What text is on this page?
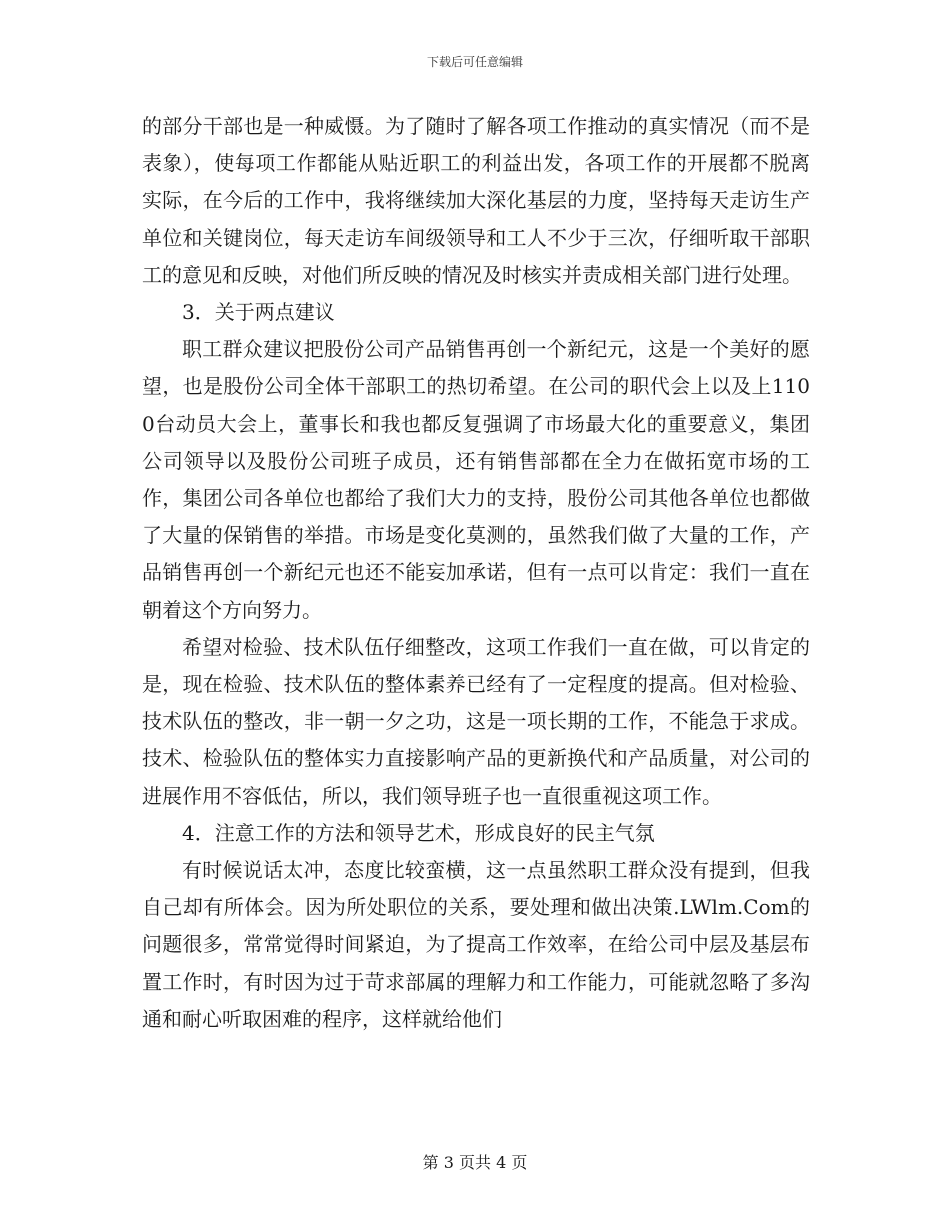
下载后可任意编辑

的部分干部也是一种威慑。为了随时了解各项工作推动的真实情况（而不是表象），使每项工作都能从贴近职工的利益出发，各项工作的开展都不脱离实际，在今后的工作中，我将继续加大深化基层的力度，坚持每天走访生产单位和关键岗位，每天走访车间级领导和工人不少于三次，仔细听取干部职工的意见和反映，对他们所反映的情况及时核实并责成相关部门进行处理。

3．关于两点建议

职工群众建议把股份公司产品销售再创一个新纪元，这是一个美好的愿望，也是股份公司全体干部职工的热切希望。在公司的职代会上以及上1100台动员大会上，董事长和我也都反复强调了市场最大化的重要意义，集团公司领导以及股份公司班子成员，还有销售部都在全力在做拓宽市场的工作，集团公司各单位也都给了我们大力的支持，股份公司其他各单位也都做了大量的保销售的举措。市场是变化莫测的，虽然我们做了大量的工作，产品销售再创一个新纪元也还不能妄加承诺，但有一点可以肯定：我们一直在朝着这个方向努力。

希望对检验、技术队伍仔细整改，这项工作我们一直在做，可以肯定的是，现在检验、技术队伍的整体素养已经有了一定程度的提高。但对检验、技术队伍的整改，非一朝一夕之功，这是一项长期的工作，不能急于求成。技术、检验队伍的整体实力直接影响产品的更新换代和产品质量，对公司的进展作用不容低估，所以，我们领导班子也一直很重视这项工作。

4．注意工作的方法和领导艺术，形成良好的民主气氛

有时候说话太冲，态度比较蛮横，这一点虽然职工群众没有提到，但我自己却有所体会。因为所处职位的关系，要处理和做出决策.LWlm.Com的问题很多，常常觉得时间紧迫，为了提高工作效率，在给公司中层及基层布置工作时，有时因为过于苛求部属的理解力和工作能力，可能就忽略了多沟通和耐心听取困难的程序，这样就给他们

第 3 页共 4 页
